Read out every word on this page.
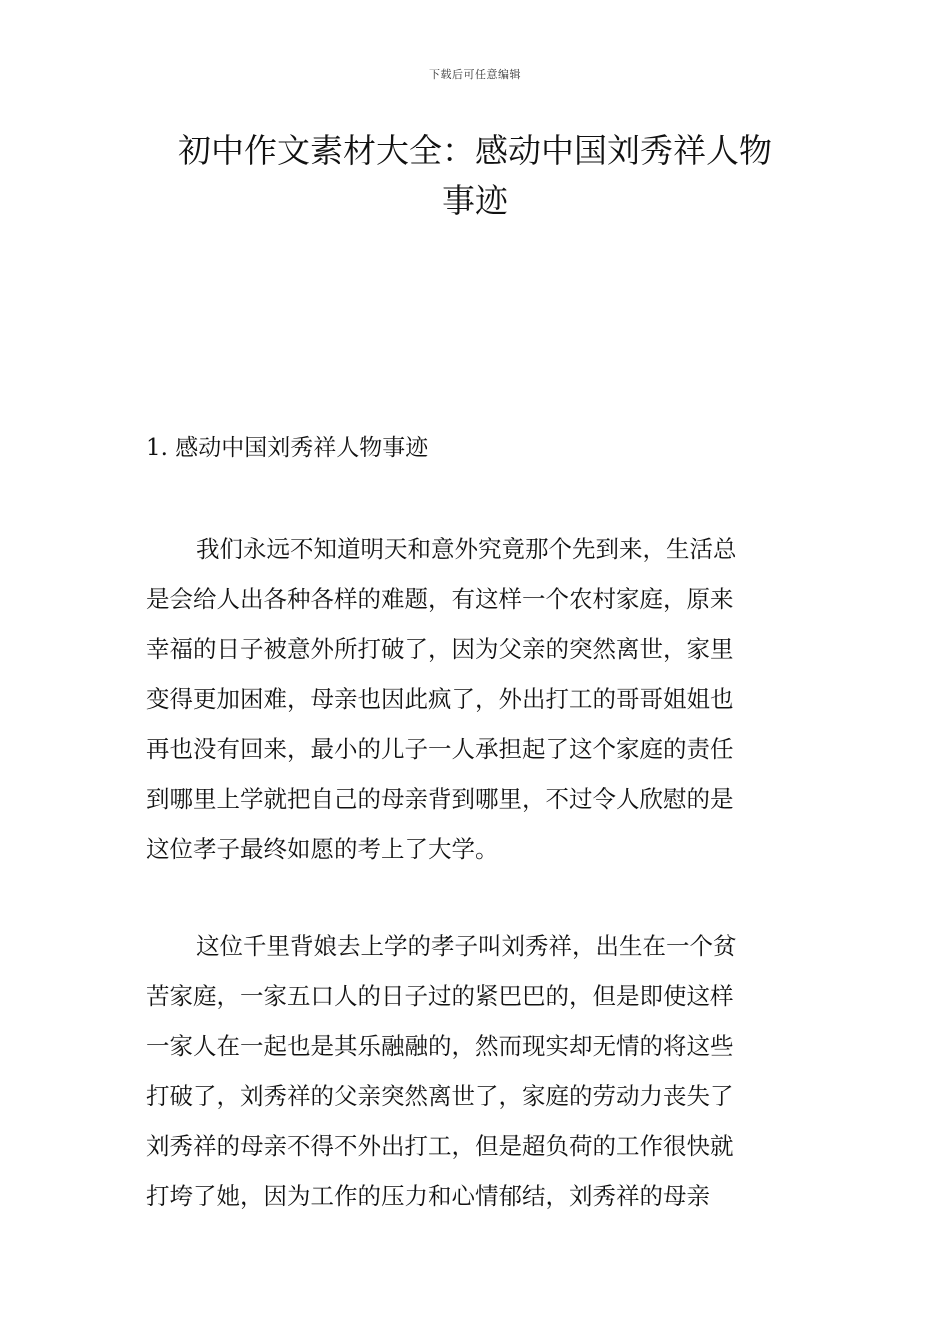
下载后可任意编辑
初中作文素材大全：感动中国刘秀祥人物
事迹
1. 感动中国刘秀祥人物事迹

我们永远不知道明天和意外究竟那个先到来，生活总
是会给人出各种各样的难题，有这样一个农村家庭，原来
幸福的日子被意外所打破了，因为父亲的突然离世，家里
变得更加困难，母亲也因此疯了，外出打工的哥哥姐姐也
再也没有回来，最小的儿子一人承担起了这个家庭的责任
到哪里上学就把自己的母亲背到哪里，不过令人欣慰的是
这位孝子最终如愿的考上了大学。

这位千里背娘去上学的孝子叫刘秀祥，出生在一个贫
苦家庭，一家五口人的日子过的紧巴巴的，但是即使这样
一家人在一起也是其乐融融的，然而现实却无情的将这些
打破了，刘秀祥的父亲突然离世了，家庭的劳动力丧失了
刘秀祥的母亲不得不外出打工，但是超负荷的工作很快就
打垮了她，因为工作的压力和心情郁结，刘秀祥的母亲
